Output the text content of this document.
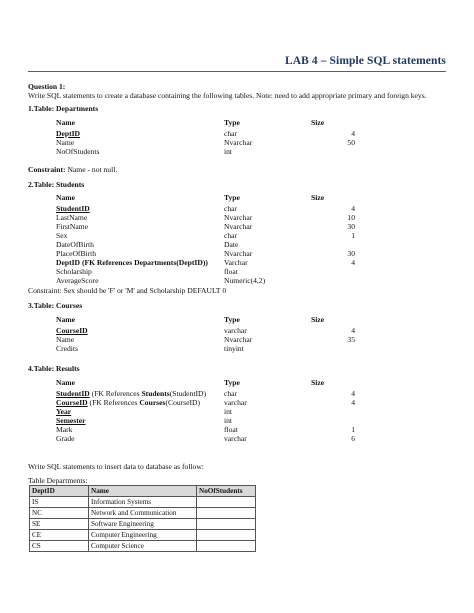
LAB 4 – Simple SQL statements
Question 1:
Write SQL statements to create a database containing the following tables. Note: need to add appropriate primary and foreign keys.
1.Table: Departments
Name	Type	Size
DeptID	char	4
Name	Nvarchar	50
NoOfStudents	int
Constraint: Name - not null.
2.Table: Students
Name	Type	Size
StudentID	char	4
LastName	Nvarchar	10
FirstName	Nvarchar	30
Sex	char	1
DateOfBirth	Date
PlaceOfBirth	Nvarchar	30
DeptID (FK References Departments(DeptID)) Varchar	4
Scholarship	float
AverageScore	Numeric(4,2)
Constraint: Sex should be 'F' or 'M' and Scholarship DEFAULT 0
3.Table: Courses
Name	Type	Size
CourseID	varchar	4
Name	Nvarchar	35
Credits	tinyint
4.Table: Results
Name	Type	Size
StudentID (FK References Students(StudentID) char	4
CourseID (FK References Courses(CourseID)	varchar	4
Year	int
Semester	int
Mark	float	1
Grade	varchar	6
Write SQL statements to insert data to database as follow:
Table Departments:
DeptID	Name	NoOfStudents
IS	Information Systems	
NC	Network and Communication	
SE	Software Engineering	
CE	Computer Engineering	
CS	Computer Science	
